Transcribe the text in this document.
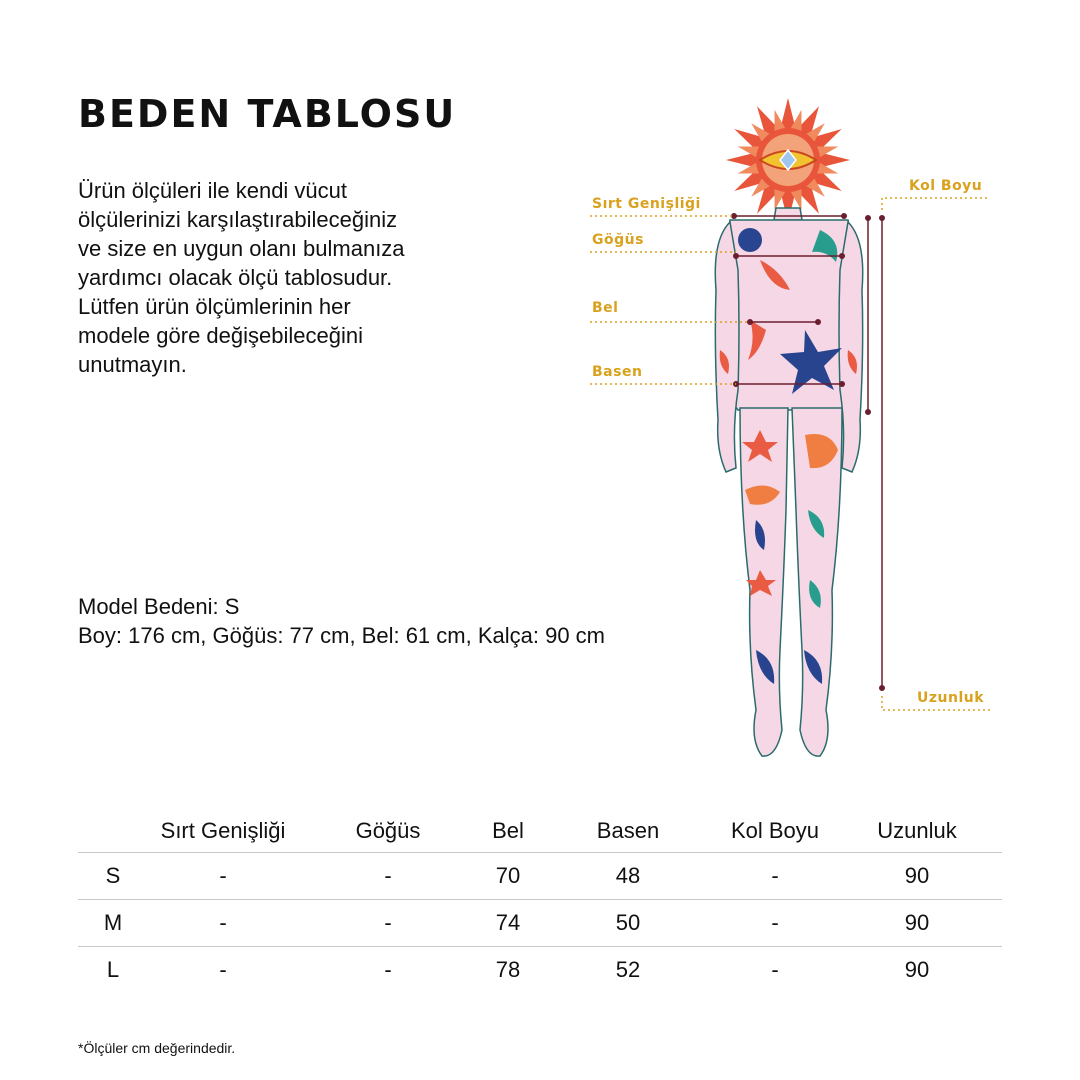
BEDEN TABLOSU
Ürün ölçüleri ile kendi vücut
ölçülerinizi karşılaştırabileceğiniz
ve size en uygun olanı bulmanıza
yardımcı olacak ölçü tablosudur.
Lütfen ürün ölçümlerinin her
modele göre değişebileceğini
unutmayın.
Model Bedeni: S
Boy: 176 cm, Göğüs: 77 cm, Bel: 61 cm, Kalça: 90 cm
Sırt Genişliği
Göğüs
Bel
Basen
Kol Boyu
Uzunluk
	Sırt Genişliği	Göğüs	Bel	Basen	Kol Boyu	Uzunluk
S	-	-	70	48	-	90
M	-	-	74	50	-	90
L	-	-	78	52	-	90
*Ölçüler cm değerindedir.
